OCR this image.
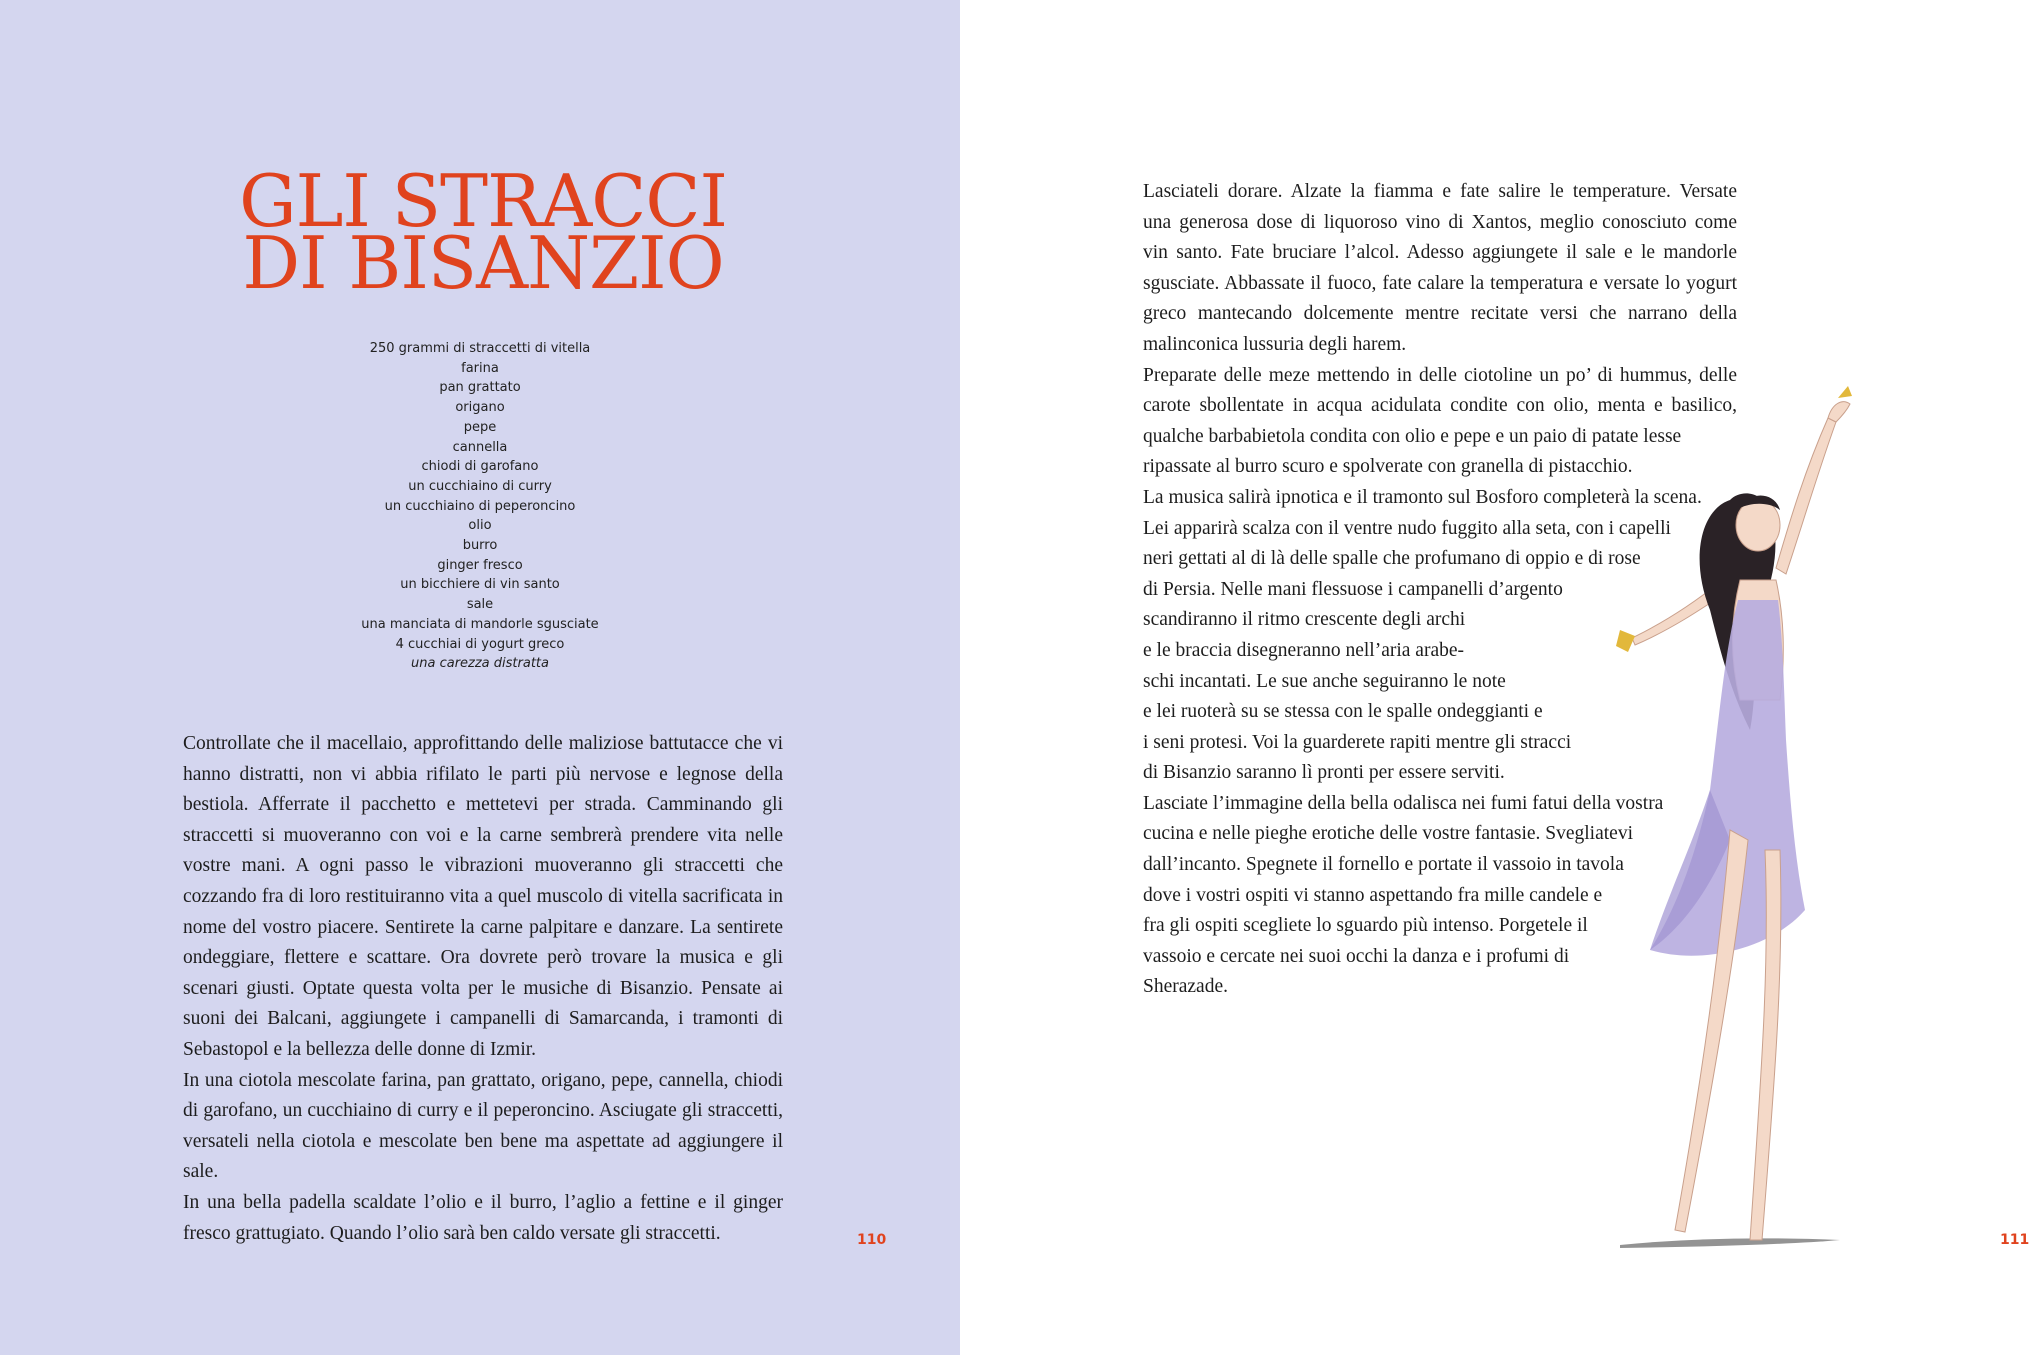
GLI STRACCI
DI BISANZIO
250 grammi di straccetti di vitella
farina
pan grattato
origano
pepe
cannella
chiodi di garofano
un cucchiaino di curry
un cucchiaino di peperoncino
olio
burro
ginger fresco
un bicchiere di vin santo
sale
una manciata di mandorle sgusciate
4 cucchiai di yogurt greco
una carezza distratta

Controllate che il macellaio, approfittando delle maliziose battutacce che vi hanno distratti, non vi abbia rifilato le parti più nervose e legnose della bestiola. Afferrate il pacchetto e mettetevi per strada. Camminando gli straccetti si muoveranno con voi e la carne sembrerà prendere vita nelle vostre mani. A ogni passo le vibrazioni muoveranno gli straccetti che cozzando fra di loro restituiranno vita a quel muscolo di vitella sacrificata in nome del vostro piacere. Sentirete la carne palpitare e danzare. La sentirete ondeggiare, flettere e scattare. Ora dovrete però trovare la musica e gli scenari giusti. Optate questa volta per le musiche di Bisanzio. Pensate ai suoni dei Balcani, aggiungete i campanelli di Samarcanda, i tramonti di Sebastopol e la bellezza delle donne di Izmir.

In una ciotola mescolate farina, pan grattato, origano, pepe, cannella, chiodi di garofano, un cucchiaino di curry e il peperoncino. Asciugate gli straccetti, versateli nella ciotola e mescolate ben bene ma aspettate ad aggiungere il sale.

In una bella padella scaldate l’olio e il burro, l’aglio a fettine e il ginger fresco grattugiato. Quando l’olio sarà ben caldo versate gli straccetti.	110	111
Lasciateli dorare. Alzate la fiamma e fate salire le temperature. Versate
una generosa dose di liquoroso vino di Xantos, meglio conosciuto come
vin santo. Fate bruciare l’alcol. Adesso aggiungete il sale e le mandorle
sgusciate. Abbassate il fuoco, fate calare la temperatura e versate lo yogurt
greco mantecando dolcemente mentre recitate versi che narrano della
malinconica lussuria degli harem.
Preparate delle meze mettendo in delle ciotoline un po’ di hummus, delle
carote sbollentate in acqua acidulata condite con olio, menta e basilico,
qualche barbabietola condita con olio e pepe e un paio di patate lesse
ripassate al burro scuro e spolverate con granella di pistacchio.
La musica salirà ipnotica e il tramonto sul Bosforo completerà la scena.
Lei apparirà scalza con il ventre nudo fuggito alla seta, con i capelli
neri gettati al di là delle spalle che profumano di oppio e di rose
di Persia. Nelle mani flessuose i campanelli d’argento
scandiranno il ritmo crescente degli archi
e le braccia disegneranno nell’aria arabe-
schi incantati. Le sue anche seguiranno le note
e lei ruoterà su se stessa con le spalle ondeggianti e
i seni protesi. Voi la guarderete rapiti mentre gli stracci
di Bisanzio saranno lì pronti per essere serviti.
Lasciate l’immagine della bella odalisca nei fumi fatui della vostra
cucina e nelle pieghe erotiche delle vostre fantasie. Svegliatevi
dall’incanto. Spegnete il fornello e portate il vassoio in tavola
dove i vostri ospiti vi stanno aspettando fra mille candele e
fra gli ospiti scegliete lo sguardo più intenso. Porgetele il
vassoio e cercate nei suoi occhi la danza e i profumi di
Sherazade.
